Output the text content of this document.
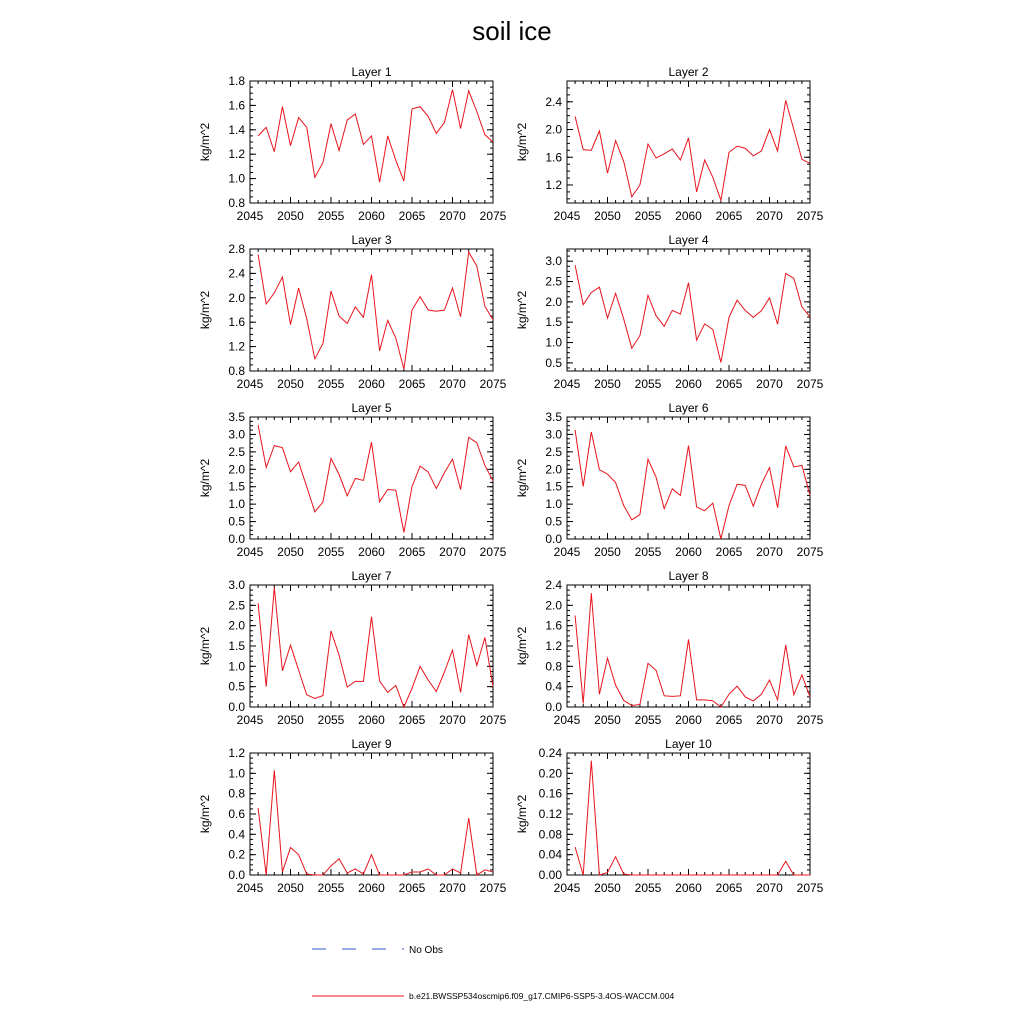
soil ice
Layer 1
kg/m^2
2045 2050 2055 2060 2065 2070 2075
0.8
1.0
1.2
1.4
1.6
1.8
Layer 2
kg/m^2
2045 2050 2055 2060 2065 2070 2075
1.2
1.6
2.0
2.4
Layer 3
kg/m^2
2045 2050 2055 2060 2065 2070 2075
0.8
1.2
1.6
2.0
2.4
2.8
Layer 4
kg/m^2
2045 2050 2055 2060 2065 2070 2075
0.5
1.0
1.5
2.0
2.5
3.0
Layer 5
kg/m^2
2045 2050 2055 2060 2065 2070 2075
0.0
0.5
1.0
1.5
2.0
2.5
3.0
3.5
Layer 6
kg/m^2
2045 2050 2055 2060 2065 2070 2075
0.0
0.5
1.0
1.5
2.0
2.5
3.0
3.5
Layer 7
kg/m^2
2045 2050 2055 2060 2065 2070 2075
0.0
0.5
1.0
1.5
2.0
2.5
3.0
Layer 8
kg/m^2
2045 2050 2055 2060 2065 2070 2075
0.0
0.4
0.8
1.2
1.6
2.0
2.4
Layer 9
kg/m^2
2045 2050 2055 2060 2065 2070 2075
0.0
0.2
0.4
0.6
0.8
1.0
1.2
Layer 10
kg/m^2
2045 2050 2055 2060 2065 2070 2075
0.00
0.04
0.08
0.12
0.16
0.20
0.24
No Obs
b.e21.BWSSP534oscmip6.f09_g17.CMIP6-SSP5-3.4OS-WACCM.004
